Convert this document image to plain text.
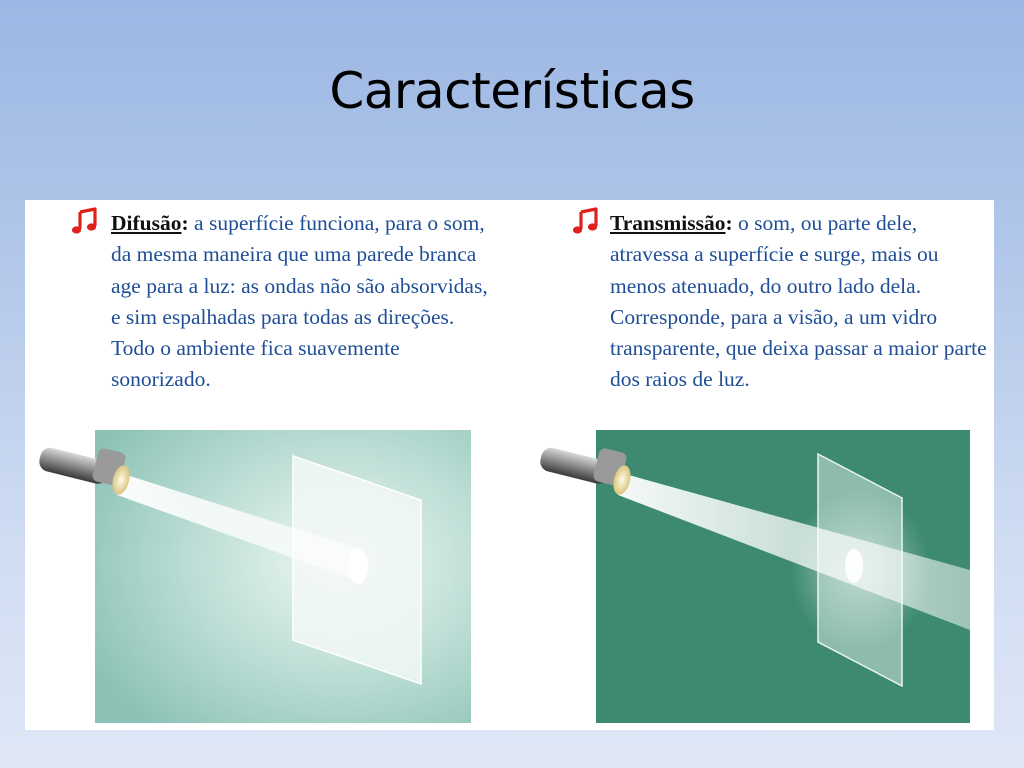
Características
Difusão: a superfície funciona, para o som, da mesma maneira que uma parede branca age para a luz: as ondas não são absorvidas, e sim espalhadas para todas as direções. Todo o ambiente fica suavemente sonorizado.
Transmissão: o som, ou parte dele, atravessa a superfície e surge, mais ou menos atenuado, do outro lado dela. Corresponde, para a visão, a um vidro transparente, que deixa passar a maior parte dos raios de luz.
